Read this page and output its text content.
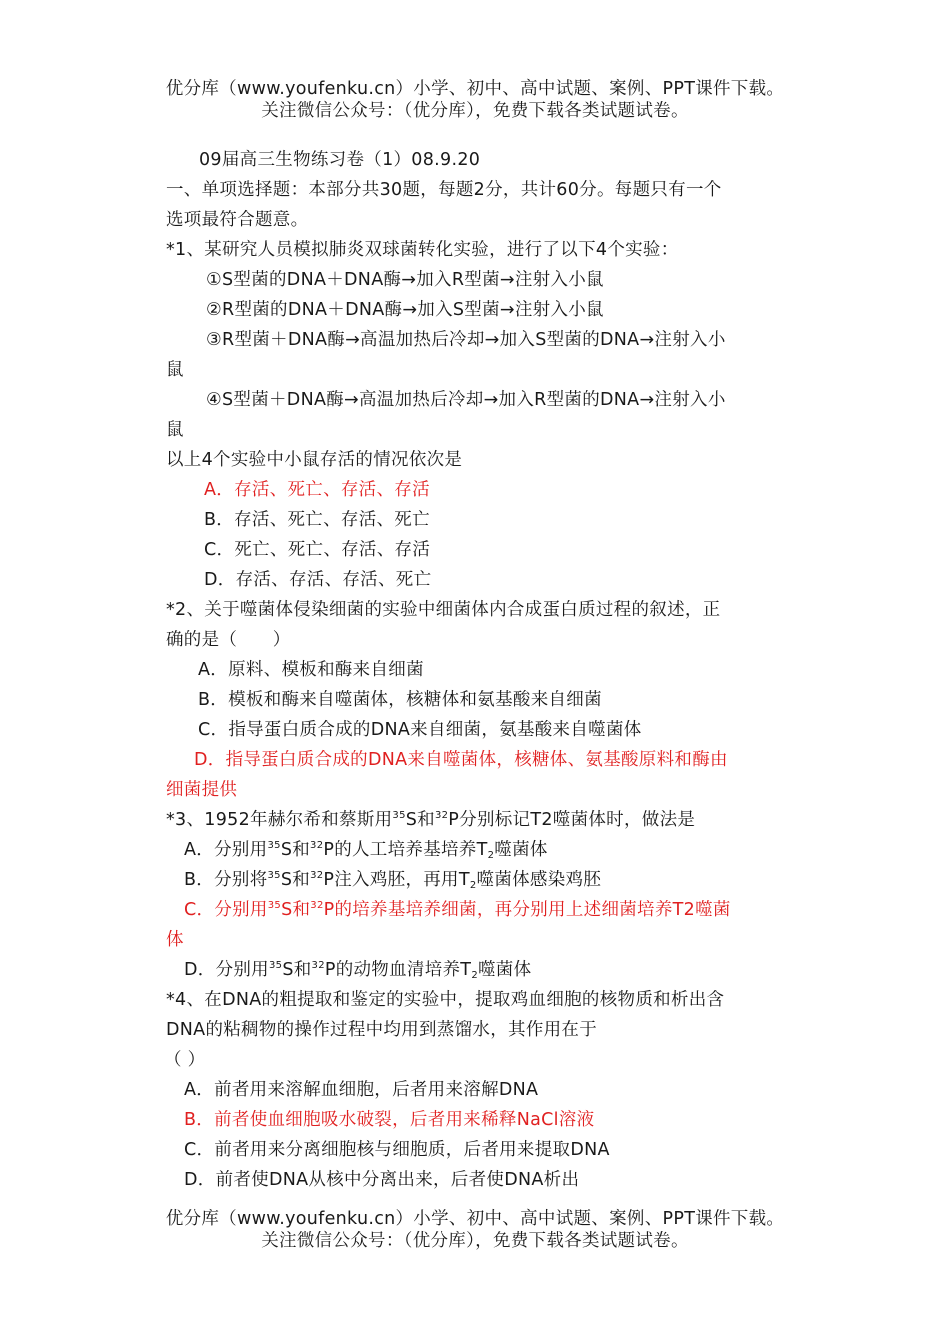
优分库（www.youfenku.cn）小学、初中、高中试题、案例、PPT课件下载。
关注微信公众号：（优分库），免费下载各类试题试卷。
09届高三生物练习卷（1）08.9.20
一、单项选择题：本部分共30题，每题2分，共计60分。每题只有一个
选项最符合题意。
*1、某研究人员模拟肺炎双球菌转化实验，进行了以下4个实验：
①S型菌的DNA＋DNA酶→加入R型菌→注射入小鼠
②R型菌的DNA＋DNA酶→加入S型菌→注射入小鼠
③R型菌＋DNA酶→高温加热后冷却→加入S型菌的DNA→注射入小
鼠
④S型菌＋DNA酶→高温加热后冷却→加入R型菌的DNA→注射入小
鼠
以上4个实验中小鼠存活的情况依次是
A．存活、死亡、存活、存活
B．存活、死亡、存活、死亡
C．死亡、死亡、存活、存活
D．存活、存活、存活、死亡
*2、关于噬菌体侵染细菌的实验中细菌体内合成蛋白质过程的叙述，正
确的是（　　）
A．原料、模板和酶来自细菌
B．模板和酶来自噬菌体，核糖体和氨基酸来自细菌
C．指导蛋白质合成的DNA来自细菌，氨基酸来自噬菌体
D．指导蛋白质合成的DNA来自噬菌体，核糖体、氨基酸原料和酶由
细菌提供
*3、1952年赫尔希和蔡斯用$^{35}$S和$^{32}$P分别标记T2噬菌体时，做法是
A．分别用$^{35}$S和$^{32}$P的人工培养基培养$T_2$噬菌体
B．分别将$^{35}$S和$^{32}$P注入鸡胚，再用$T_2$噬菌体感染鸡胚
C．分别用$^{35}$S和$^{32}$P的培养基培养细菌，再分别用上述细菌培养T2噬菌
体
D．分别用$^{35}$S和$^{32}$P的动物血清培养$T_2$噬菌体
*4、在DNA的粗提取和鉴定的实验中，提取鸡血细胞的核物质和析出含
DNA的粘稠物的操作过程中均用到蒸馏水，其作用在于
（ ）
A．前者用来溶解血细胞，后者用来溶解DNA
B．前者使血细胞吸水破裂，后者用来稀释NaCl溶液
C．前者用来分离细胞核与细胞质，后者用来提取DNA
D．前者使DNA从核中分离出来，后者使DNA析出
优分库（www.youfenku.cn）小学、初中、高中试题、案例、PPT课件下载。
关注微信公众号：（优分库），免费下载各类试题试卷。
